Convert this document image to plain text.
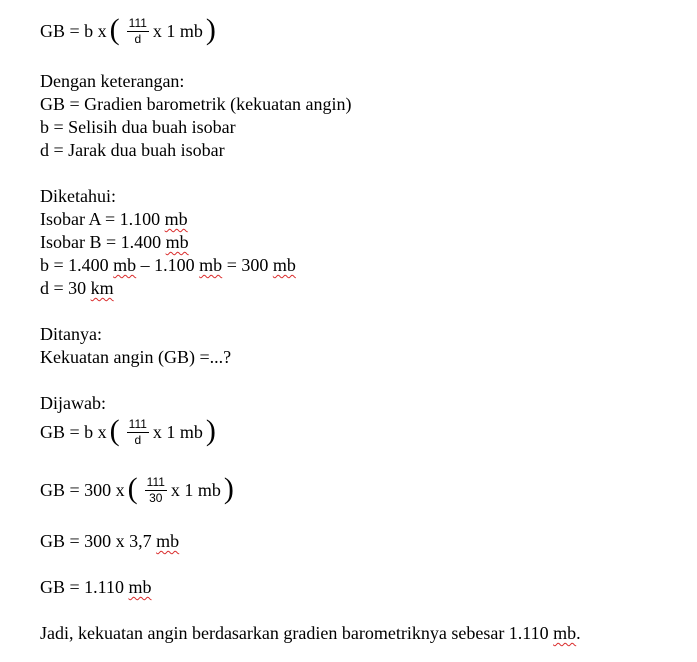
GB = b x ( $\frac{111}{d}$ x 1 mb )
Dengan keterangan:
GB = Gradien barometrik (kekuatan angin)
b = Selisih dua buah isobar
d = Jarak dua buah isobar
Diketahui:
Isobar A = 1.100 mb
Isobar B = 1.400 mb
b = 1.400 mb – 1.100 mb = 300 mb
d = 30 km
Ditanya:
Kekuatan angin (GB) =...?
Dijawab:
GB = b x ( $\frac{111}{d}$ x 1 mb )
GB = 300 x ( $\frac{111}{30}$ x 1 mb )
GB = 300 x 3,7 mb
GB = 1.110 mb
Jadi, kekuatan angin berdasarkan gradien barometriknya sebesar 1.110 mb.
